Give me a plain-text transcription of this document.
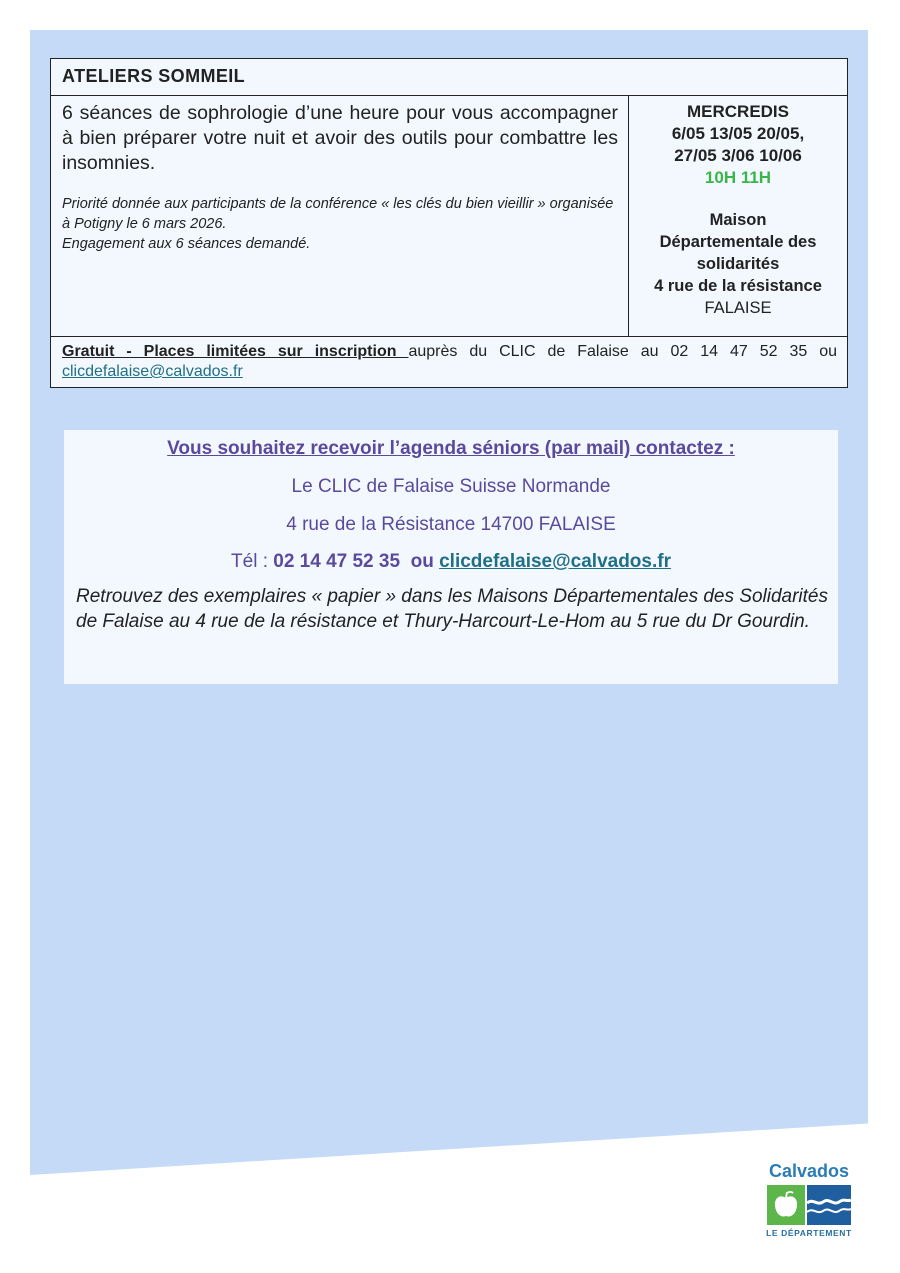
ATELIERS SOMMEIL

6 séances de sophrologie d’une heure pour vous accompagner à bien préparer votre nuit et avoir des outils pour combattre les insomnies.

Priorité donnée aux participants de la conférence « les clés du bien vieillir » organisée à Potigny le 6 mars 2026.
Engagement aux 6 séances demandé.

MERCREDIS
6/05 13/05 20/05,
27/05 3/06 10/06
10H 11H
Maison
Départementale des
solidarités
4 rue de la résistance
FALAISE
Gratuit - Places limitées sur inscription auprès du CLIC de Falaise au 02 14 47 52 35 ou
clicdefalaise@calvados.fr
Vous souhaitez recevoir l’agenda séniors (par mail) contactez :
Le CLIC de Falaise Suisse Normande
4 rue de la Résistance 14700 FALAISE
Tél : 02 14 47 52 35  ou clicdefalaise@calvados.fr

Retrouvez des exemplaires « papier » dans les Maisons Départementales des Solidarités de Falaise au 4 rue de la résistance et Thury-Harcourt-Le-Hom au 5 rue du Dr Gourdin.

Calvados
LE DÉPARTEMENT
